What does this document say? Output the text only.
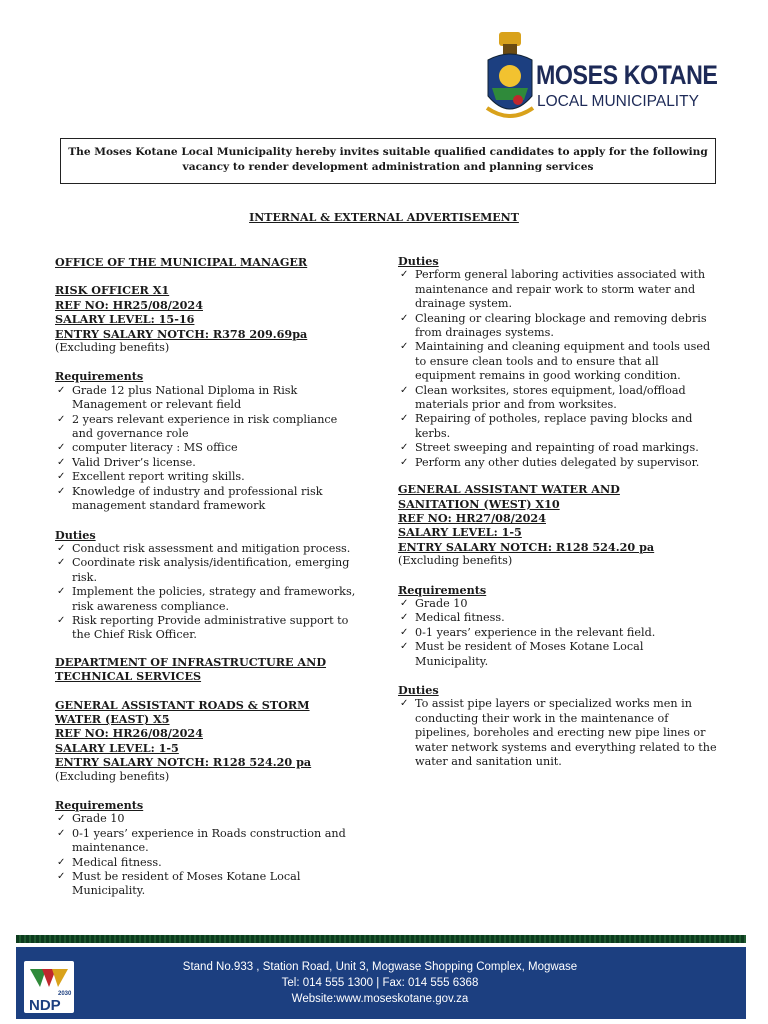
MOSES KOTANE
LOCAL MUNICIPALITY
The Moses Kotane Local Municipality hereby invites suitable qualified candidates to apply for the following vacancy to render development administration and planning services
INTERNAL & EXTERNAL ADVERTISEMENT
OFFICE OF THE MUNICIPAL MANAGER
RISK OFFICER X1
REF NO: HR25/08/2024
SALARY LEVEL: 15-16
ENTRY SALARY NOTCH: R378 209.69pa
(Excluding benefits)
Requirements
✓ Grade 12 plus National Diploma in Risk Management or relevant field
✓ 2 years relevant experience in risk compliance and governance role
✓ computer literacy : MS office
✓ Valid Driver’s license.
✓ Excellent report writing skills.
✓ Knowledge of industry and professional risk management standard framework
Duties
✓ Conduct risk assessment and mitigation process.
✓ Coordinate risk analysis/identification, emerging risk.
✓ Implement the policies, strategy and frameworks, risk awareness compliance.
✓ Risk reporting Provide administrative support to the Chief Risk Officer.
DEPARTMENT OF INFRASTRUCTURE AND
TECHNICAL SERVICES
GENERAL ASSISTANT ROADS & STORM
WATER (EAST) X5
REF NO: HR26/08/2024
SALARY LEVEL: 1-5
ENTRY SALARY NOTCH: R128 524.20 pa
(Excluding benefits)
Requirements
✓ Grade 10
✓ 0-1 years’ experience in Roads construction and maintenance.
✓ Medical fitness.
✓ Must be resident of Moses Kotane Local Municipality.
Duties
✓ Perform general laboring activities associated with maintenance and repair work to storm water and drainage system.
✓ Cleaning or clearing blockage and removing debris from drainages systems.
✓ Maintaining and cleaning equipment and tools used to ensure clean tools and to ensure that all equipment remains in good working condition.
✓ Clean worksites, stores equipment, load/offload materials prior and from worksites.
✓ Repairing of potholes, replace paving blocks and kerbs.
✓ Street sweeping and repainting of road markings.
✓ Perform any other duties delegated by supervisor.
GENERAL ASSISTANT WATER AND
SANITATION (WEST) X10
REF NO: HR27/08/2024
SALARY LEVEL: 1-5
ENTRY SALARY NOTCH: R128 524.20 pa
(Excluding benefits)
Requirements
✓ Grade 10
✓ Medical fitness.
✓ 0-1 years’ experience in the relevant field.
✓ Must be resident of Moses Kotane Local Municipality.
Duties
✓ To assist pipe layers or specialized works men in conducting their work in the maintenance of pipelines, boreholes and erecting new pipe lines or water network systems and everything related to the water and sanitation unit.
2030
NDP
Stand No.933 , Station Road, Unit 3, Mogwase Shopping Complex, Mogwase
Tel: 014 555 1300 | Fax: 014 555 6368
Website:www.moseskotane.gov.za
